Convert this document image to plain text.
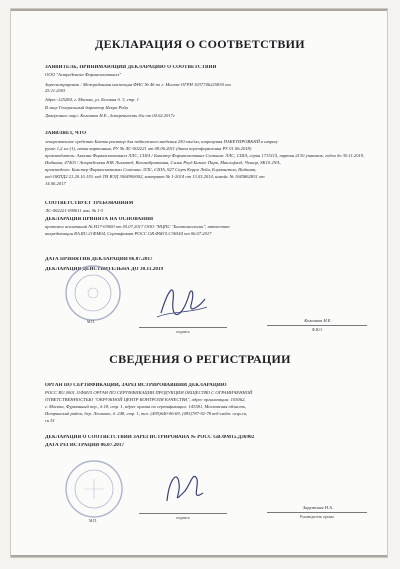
ДЕКЛАРАЦИЯ О СООТВЕТСТВИИ
ЗАЯВИТЕЛЬ, ПРИНИМАЮЩИЙ ДЕКЛАРАЦИЮ О СООТВЕТСТВИИ
ООО "АстраЗенека Фармасьютикалз"
Зарегистрирован : Межрайонная инспекция ФНС № 46 по г. Москве ОГРН 1037746225830 от
25.11.2003
Адрес:125284, г. Москва, ул. Беговая д. 3, стр. 1
В лице Генеральный директор Искра Рейн
Доверенное лицо: Колпаков Н.Е., доверенность б/н от 04.02.2017г
ЗАЯВЛЯЕТ, ЧТО
лекарственное средство Бакты раствор для подкожного введения 250 мкг/мл, шприцевая ПАКЕТИРОВКИЙ в шприц-
ручке 1,2 мл (1), пачка картонная, РУ № ЛС-002221 от 09.06.2011 (дата переоформления РУ 01.06.2018)
производитель: Амилин Фармасьютикалз ЛЛС, США / Бакстер Фармасьютикал Солюшнс ЛЛС, США, серия 1715115, партия 2130 упаковок, годен до 30.11.2019,
Индиана, 47403 / АстраЗенека ЮК Лимитед, Великобритания, Сильк Роуд Бизнес Парк, Маклсфилд, Чешир, SK10 2NA,
произведено: Бакстер Фармасьютикал Солюшнс ЛЛС, США, 927 Саут Керри Лейн, Блумингтон, Индиана,
код ОКПД2 21.20.10.119, код ТН ВЭД 3004900002, контракт № 1-2014 от 13.03.2014, инвойс № 1045862851 от
14.06.2017
СООТВЕТСТВУЕТ ТРЕБОВАНИЯМ
ЛС-002221-090611 изм. № 1-5
ДЕКЛАРАЦИЯ ПРИНЯТА НА ОСНОВАНИИ
протокол испытаний № Н17-03000 от 05.07.2017 ООО "НЦПС "Биотехнологии", аттестат
аккредитации RA.RU.21ФМ04, Сертификат РОСС GB.ФМ15.С36544 от 06.07.2017
ДАТА ПРИНЯТИЯ ДЕКЛАРАЦИИ 06.07.2017
ДЕКЛАРАЦИЯ ДЕЙСТВИТЕЛЬНА ДО 30.11.2019
М.П.
подпись
Колпаков Н.Е.
Ф.И.О
СВЕДЕНИЯ О РЕГИСТРАЦИИ
ОРГАН ПО СЕРТИФИКАЦИИ, ЗАРЕГИСТРИРОВАВШИЙ ДЕКЛАРАЦИЮ
РОСС RU.0001.11ФМ15 ОРГАН ПО СЕРТИФИКАЦИИ ПРОДУКЦИИ ОБЩЕСТВО С ОГРАНИЧЕННОЙ
ОТВЕТСТВЕННОСТЬЮ "ОКРУЖНОЙ ЦЕНТР КОНТРОЛЯ КАЧЕСТВА", адрес организации: 105062,
г. Москва, Фурманный пер., д.18, стр. 1, адрес органа по сертификации: 143581, Московская область,
Истринский район, дер. Лешково, д. 248, стр. 1, тел. (495)640-06-69, (495)787-92-78 веб-сайт: ocqs.ru,
ru 51
ДЕКЛАРАЦИЯ О СООТВЕТСТВИИ ЗАРЕГИСТРИРОВАНА № РОСС GB.ФМ15.Д36902
ДАТА РЕГИСТРАЦИИ 06.07.2017
М.П.
подпись
Зарутская Н.А.
Руководитель органа
